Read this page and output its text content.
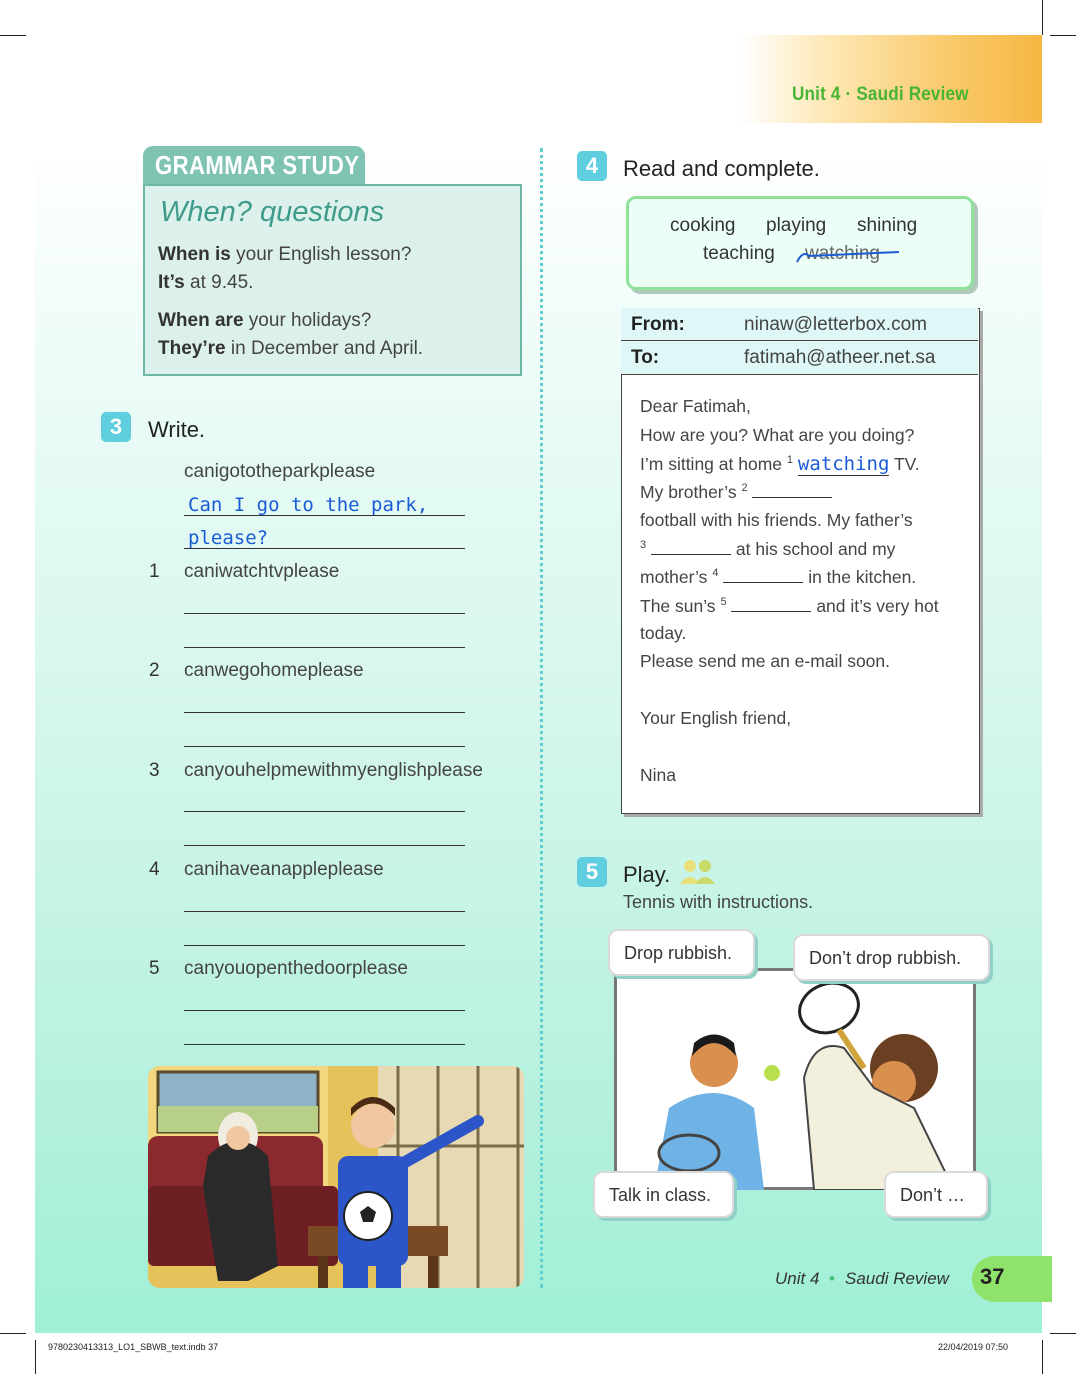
Unit 4 · Saudi Review
GRAMMAR STUDY
When? questions
When is your English lesson?
It’s at 9.45.
When are your holidays?
They’re in December and April.
3	Write.
canigototheparkplease
Can I go to the park,
please?
1 caniwatchtvplease
2 canwegohomeplease
3 canyouhelpmewithmyenglishplease
4 canihaveanappleplease
5 canyouopenthedoorplease
4	Read and complete.
cooking playing shining
teaching watching
From:	ninaw@letterbox.com
To:	fatimah@atheer.net.sa
Dear Fatimah,
How are you? What are you doing?
I’m sitting at home $^1$ watching TV.
My brother’s $^2$
football with his friends. My father’s
$^3$	at his school and my
mother’s $^4$	in the kitchen.
The sun’s $^5$	and it’s very hot
today.
Please send me an e-mail soon.
Your English friend,
Nina
5	Play.
Tennis with instructions.
Drop rubbish.	Don’t drop rubbish.
Talk in class.	Don’t …
Unit 4 • Saudi Review 37
9780230413313_LO1_SBWB_text.indb 37	22/04/2019 07:50
